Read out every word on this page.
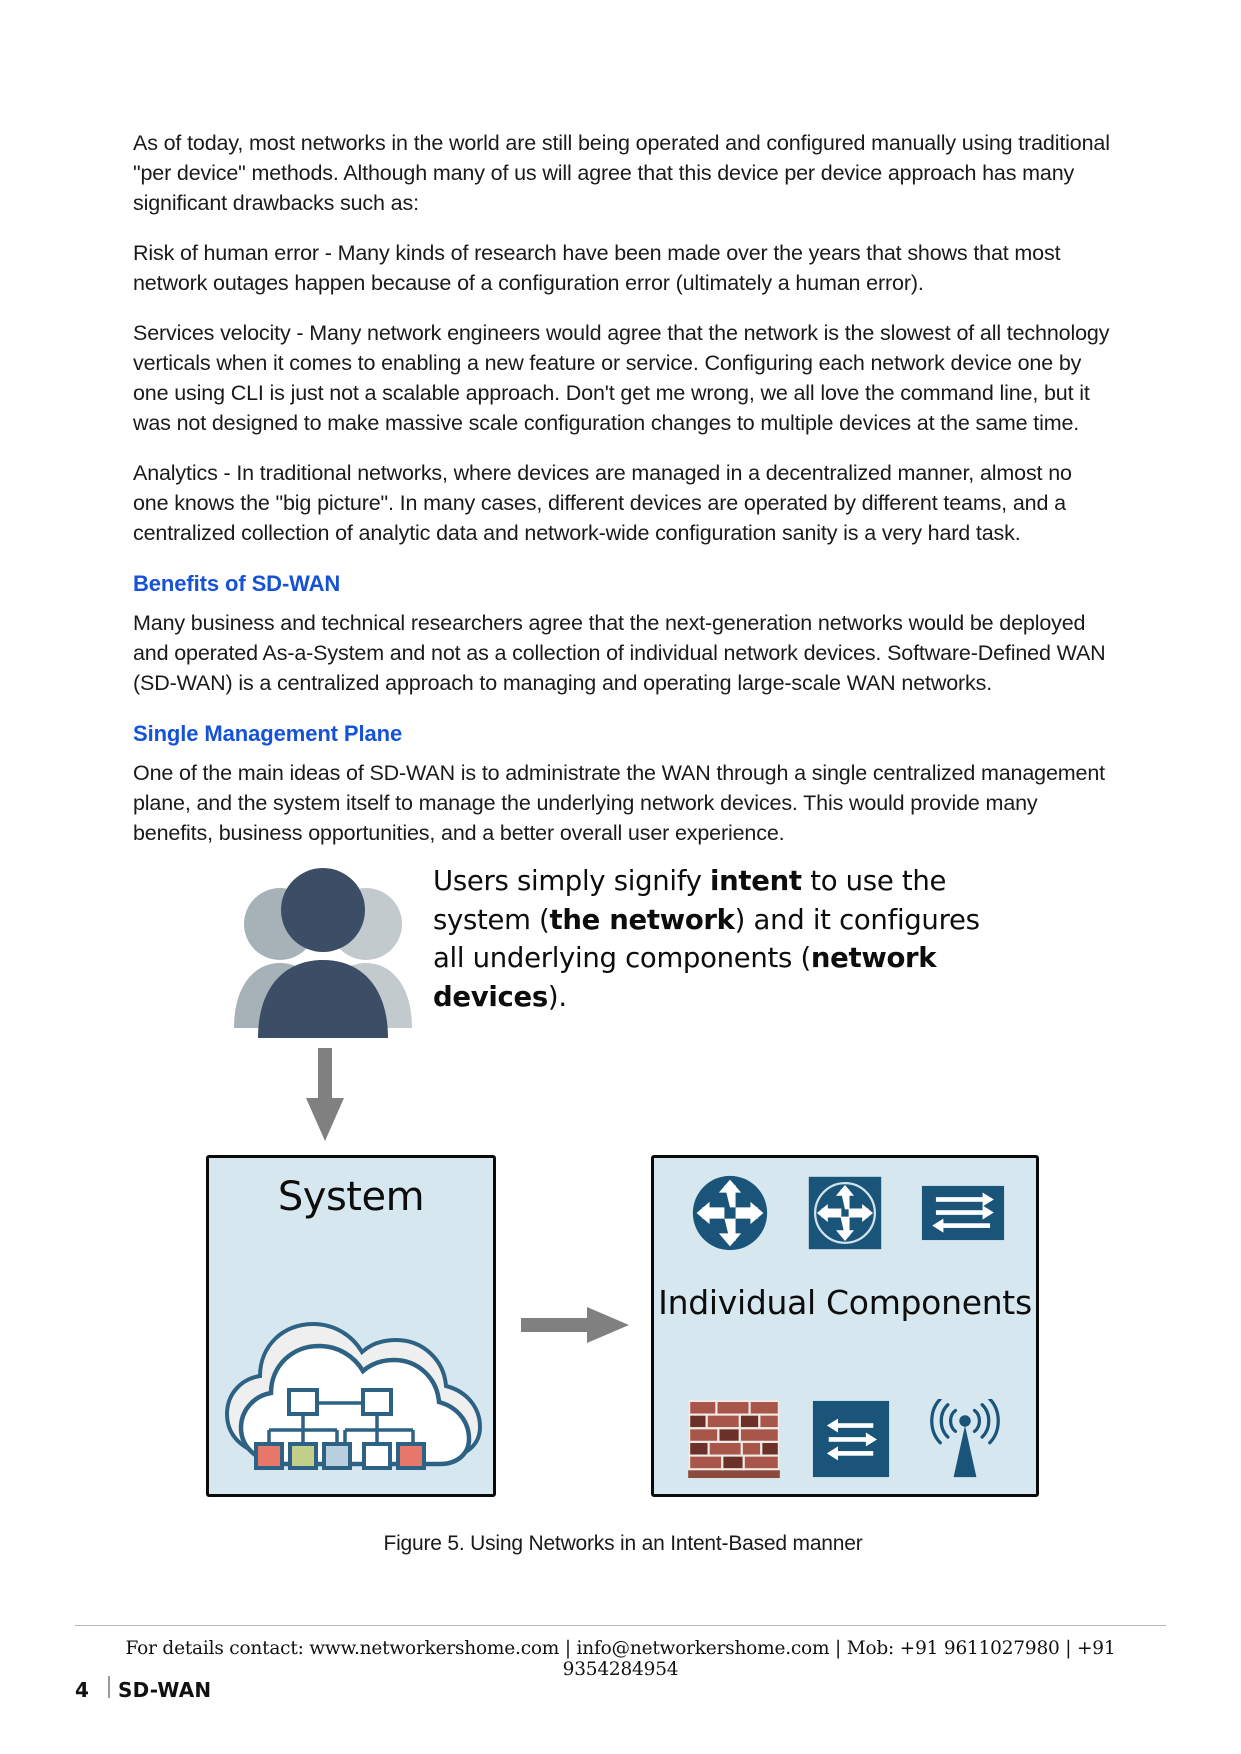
As of today, most networks in the world are still being operated and configured manually using traditional "per device" methods. Although many of us will agree that this device per device approach has many significant drawbacks such as:

Risk of human error - Many kinds of research have been made over the years that shows that most network outages happen because of a configuration error (ultimately a human error).

Services velocity - Many network engineers would agree that the network is the slowest of all technology verticals when it comes to enabling a new feature or service. Configuring each network device one by one using CLI is just not a scalable approach. Don't get me wrong, we all love the command line, but it was not designed to make massive scale configuration changes to multiple devices at the same time.

Analytics - In traditional networks, where devices are managed in a decentralized manner, almost no one knows the "big picture". In many cases, different devices are operated by different teams, and a centralized collection of analytic data and network-wide configuration sanity is a very hard task.

Benefits of SD-WAN

Many business and technical researchers agree that the next-generation networks would be deployed and operated As-a-System and not as a collection of individual network devices. Software-Defined WAN (SD-WAN) is a centralized approach to managing and operating large-scale WAN networks.

Single Management Plane

One of the main ideas of SD-WAN is to administrate the WAN through a single centralized management plane, and the system itself to manage the underlying network devices. This would provide many benefits, business opportunities, and a better overall user experience.

Users simply signify intent to use the system (the network) and it configures all underlying components (network devices).
System
Individual Components
Figure 5. Using Networks in an Intent-Based manner
For details contact: www.networkershome.com | info@networkershome.com | Mob: +91 9611027980 | +91 9354284954
4 SD-WAN
